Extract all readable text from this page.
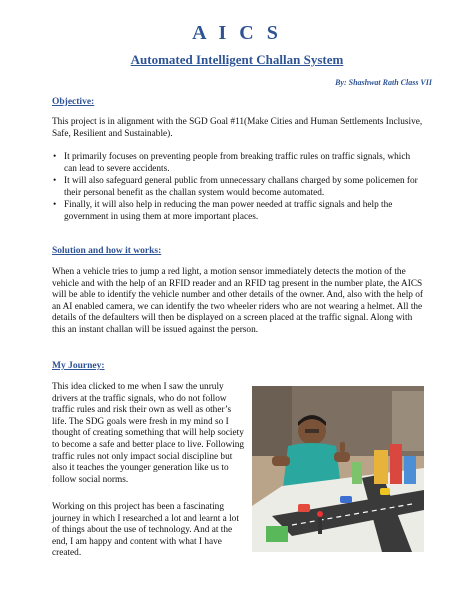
A I C S
Automated Intelligent Challan System
By: Shashwat Rath Class VII
Objective:
This project is in alignment with the SGD Goal #11(Make Cities and Human Settlements Inclusive, Safe, Resilient and Sustainable).
• It primarily focuses on preventing people from breaking traffic rules on traffic signals, which can lead to severe accidents.
• It will also safeguard general public from unnecessary challans charged by some policemen for their personal benefit as the challan system would become automated.
• Finally, it will also help in reducing the man power needed at traffic signals and help the government in using them at more important places.
Solution and how it works:
When a vehicle tries to jump a red light, a motion sensor immediately detects the motion of the vehicle and with the help of an RFID reader and an RFID tag present in the number plate, the AICS will be able to identify the vehicle number and other details of the owner. And, also with the help of an AI enabled camera, we can identify the two wheeler riders who are not wearing a helmet. All the details of the defaulters will then be displayed on a screen placed at the traffic signal. Along with this an instant challan will be issued against the person.
My Journey:
This idea clicked to me when I saw the unruly drivers at the traffic signals, who do not follow traffic rules and risk their own as well as other’s life. The SDG goals were fresh in my mind so I thought of creating something that will help society to become a safe and better place to live. Following traffic rules not only impact social discipline but also it teaches the younger generation like us to follow social norms.
Working on this project has been a fascinating journey in which I researched a lot and learnt a lot of things about the use of technology. And at the end, I am happy and content with what I have created.
